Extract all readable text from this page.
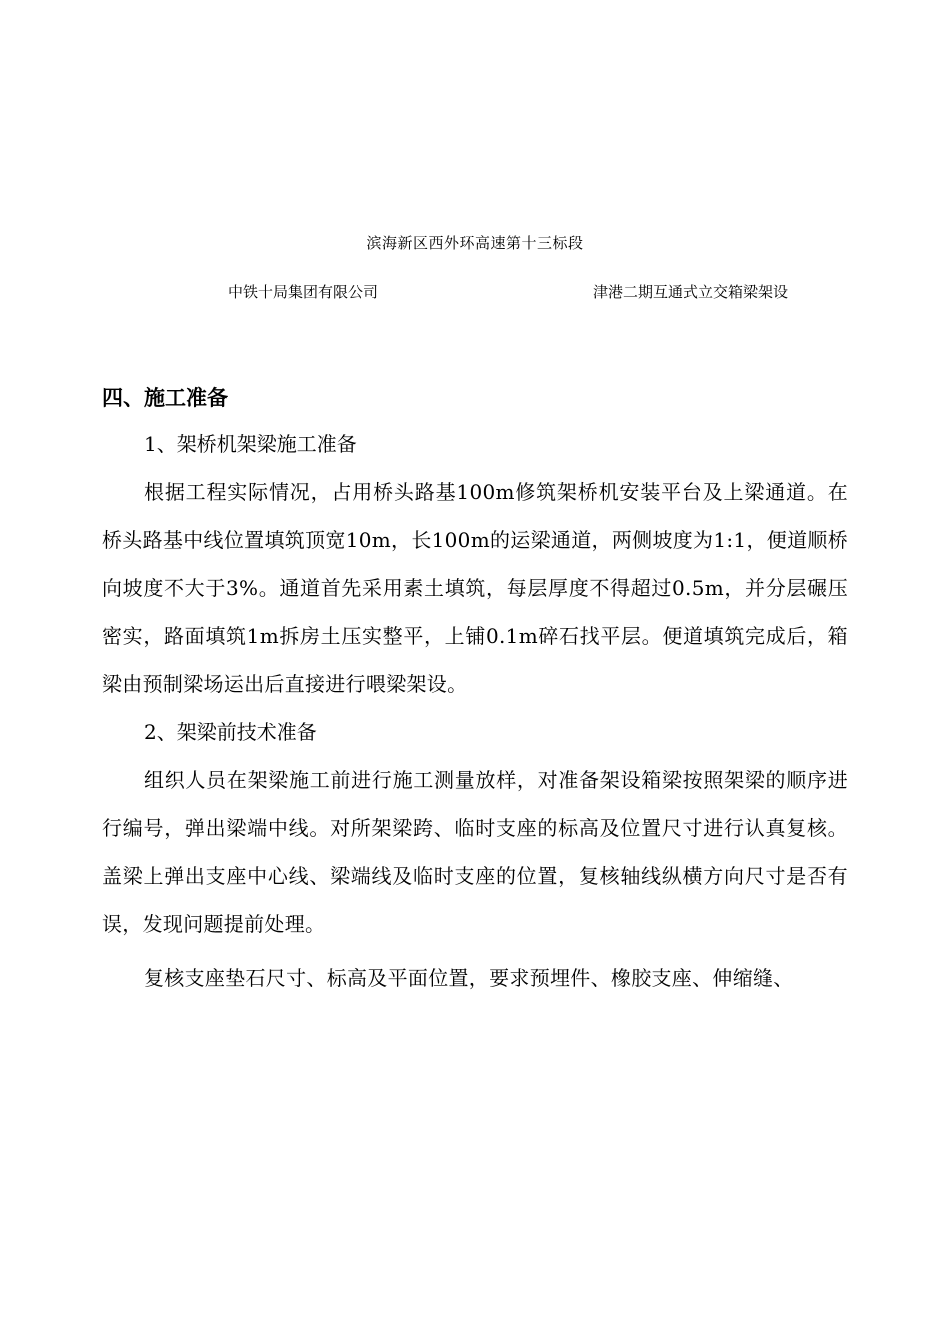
滨海新区西外环高速第十三标段
中铁十局集团有限公司	津港二期互通式立交箱梁架设

四、施工准备

1、架桥机架梁施工准备

根据工程实际情况，占用桥头路基100m修筑架桥机安装平台及上梁通道。在桥头路基中线位置填筑顶宽10m，长100m的运梁通道，两侧坡度为1:1，便道顺桥向坡度不大于3%。通道首先采用素土填筑，每层厚度不得超过0.5m，并分层碾压密实，路面填筑1m拆房土压实整平，上铺0.1m碎石找平层。便道填筑完成后，箱梁由预制梁场运出后直接进行喂梁架设。

2、架梁前技术准备

组织人员在架梁施工前进行施工测量放样，对准备架设箱梁按照架梁的顺序进行编号，弹出梁端中线。对所架梁跨、临时支座的标高及位置尺寸进行认真复核。盖梁上弹出支座中心线、梁端线及临时支座的位置，复核轴线纵横方向尺寸是否有误，发现问题提前处理。

复核支座垫石尺寸、标高及平面位置，要求预埋件、橡胶支座、伸缩缝、
